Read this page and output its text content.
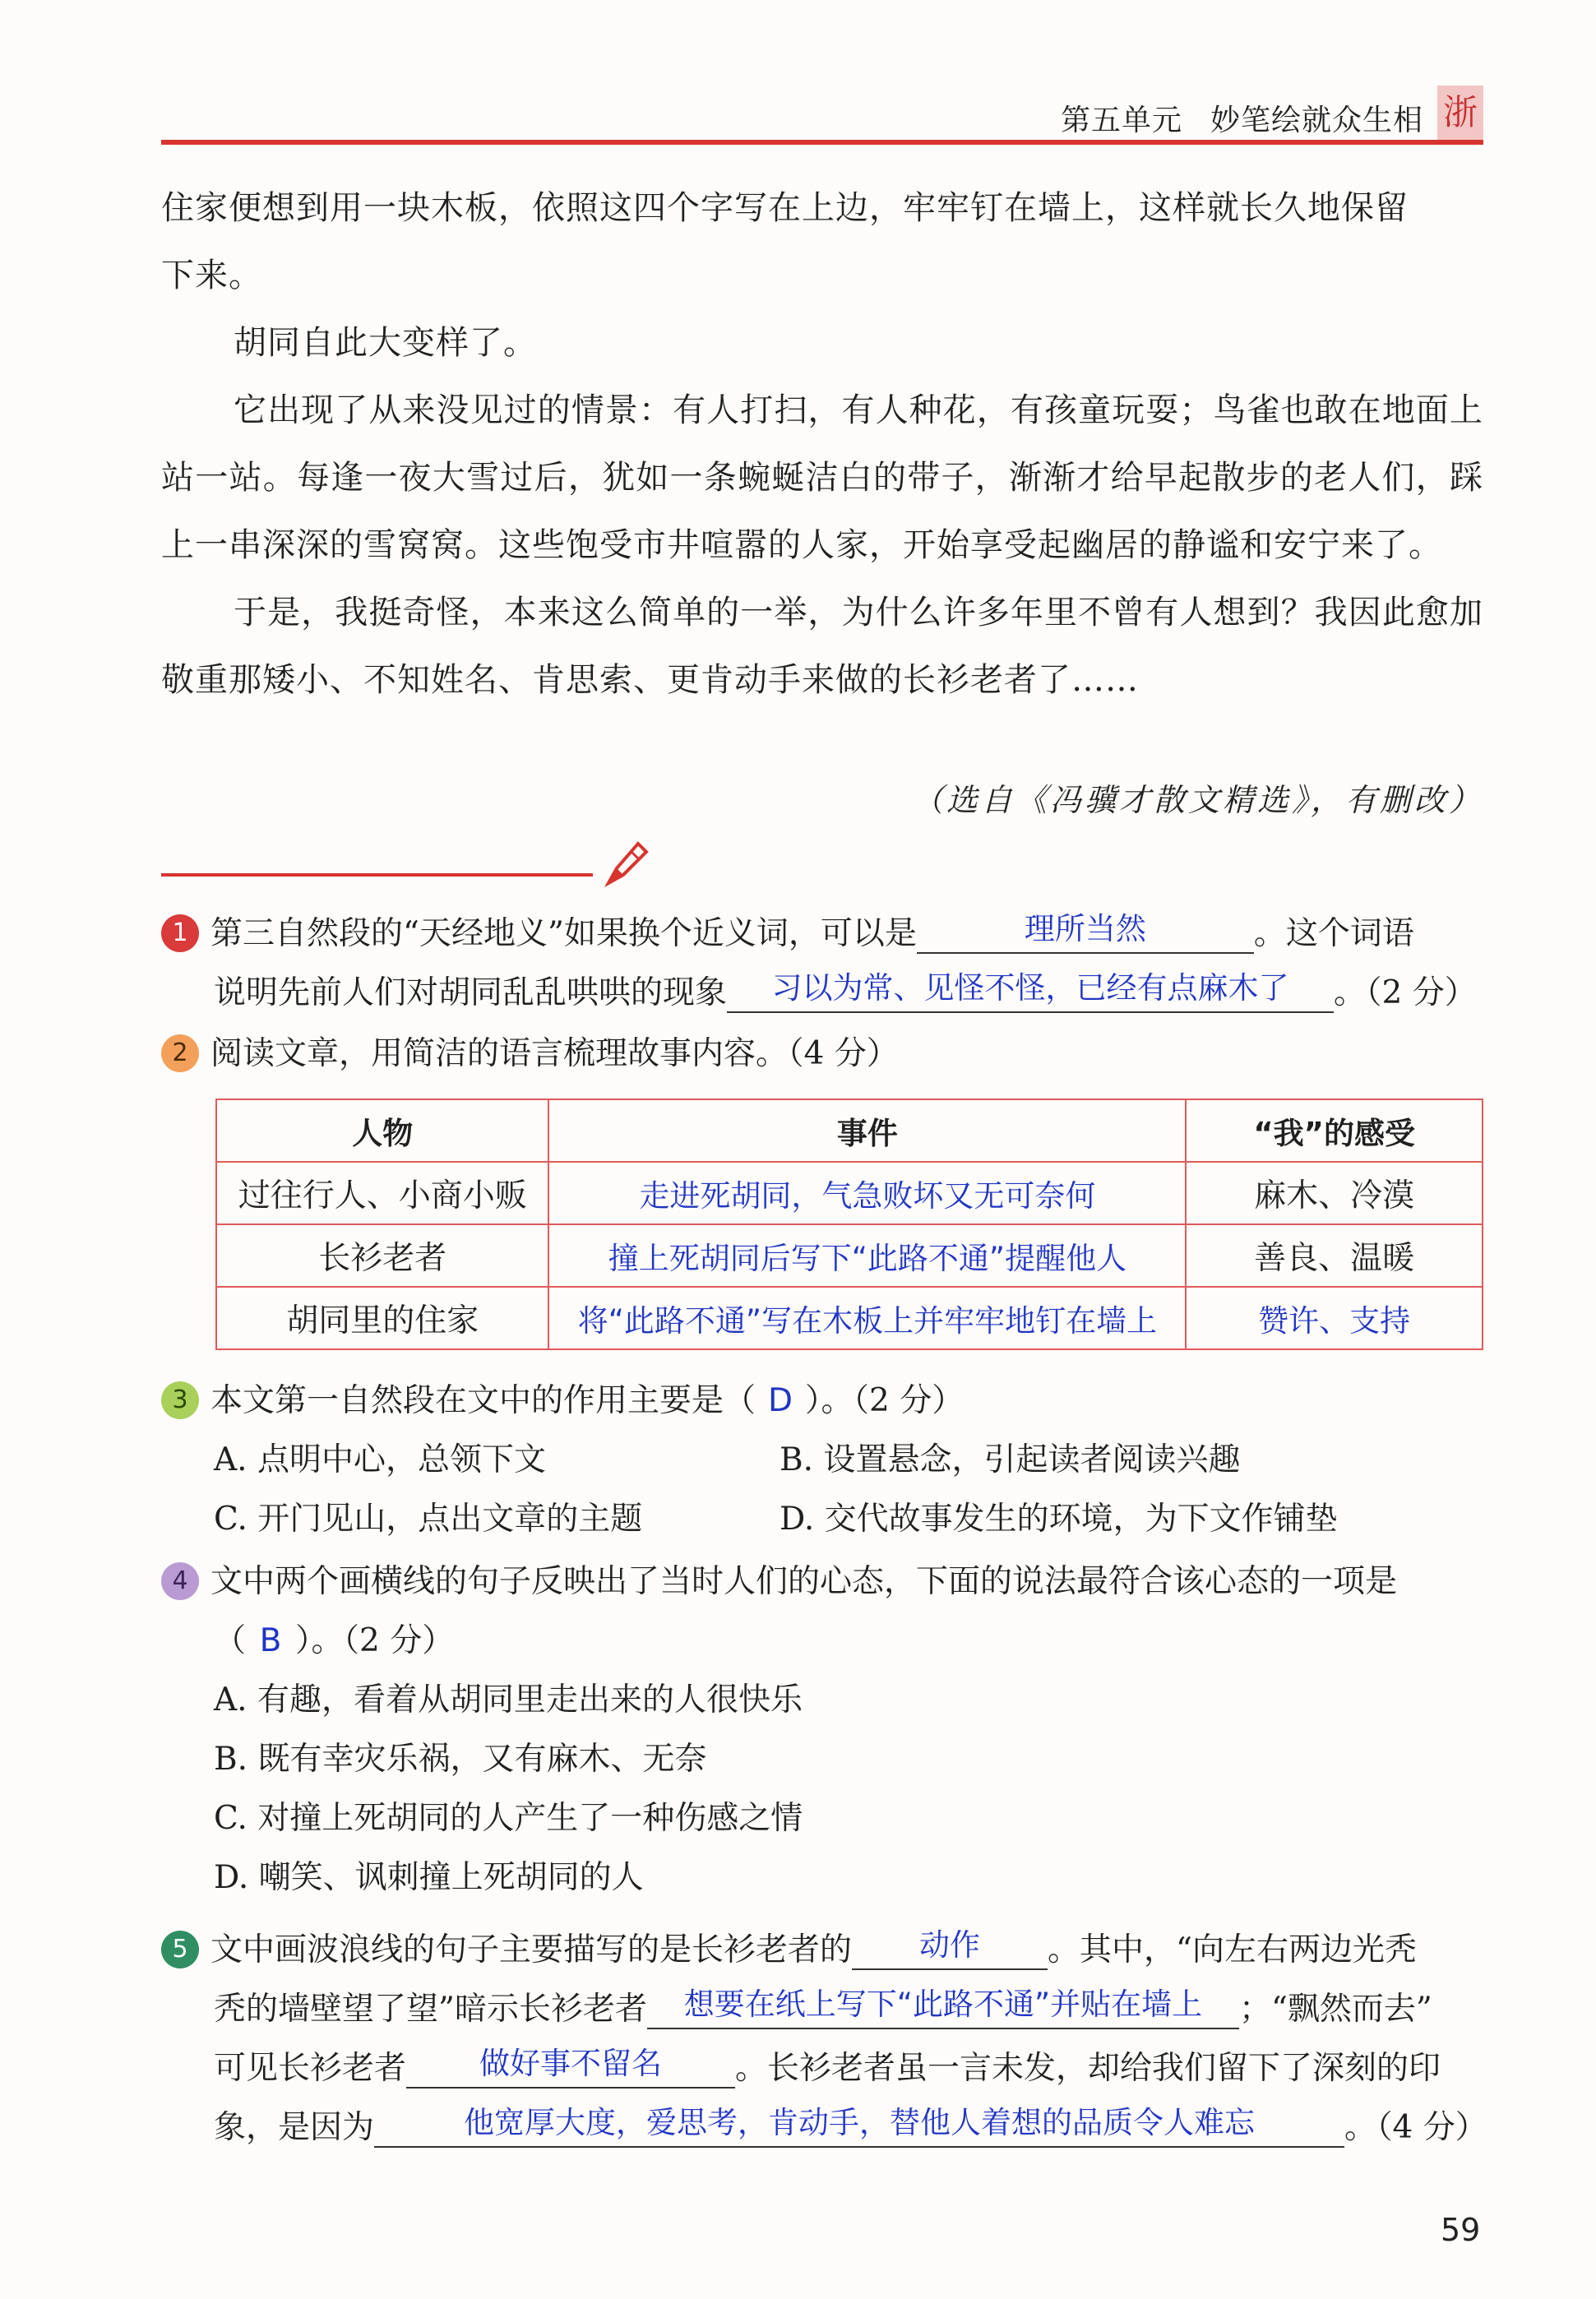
第五单元 妙笔绘就众生相 浙

住家便想到用一块木板，依照这四个字写在上边，牢牢钉在墙上，这样就长久地保留

下来。

胡同自此大变样了。

它出现了从来没见过的情景：有人打扫，有人种花，有孩童玩耍；鸟雀也敢在地面上站一站。每逢一夜大雪过后，犹如一条蜿蜒洁白的带子，渐渐才给早起散步的老人们，踩上一串深深的雪窝窝。这些饱受市井喧嚣的人家，开始享受起幽居的静谧和安宁来了。

于是，我挺奇怪，本来这么简单的一举，为什么许多年里不曾有人想到？我因此愈加敬重那矮小、不知姓名、肯思索、更肯动手来做的长衫老者了……

（选自《冯骥才散文精选》，有删改）
1 第三自然段的“天经地义”如果换个近义词，可以是	理所当然	。这个词语
说明先前人们对胡同乱乱哄哄的现象 习以为常、见怪不怪，已经有点麻木了 。（2 分）
2 阅读文章，用简洁的语言梳理故事内容。（4 分）
人物	事件	“我”的感受
过往行人、小商小贩	走进死胡同，气急败坏又无可奈何	麻木、冷漠
长衫老者	撞上死胡同后写下“此路不通”提醒他人	善良、温暖
胡同里的住家	将“此路不通”写在木板上并牢牢地钉在墙上	赞许、支持
3 本文第一自然段在文中的作用主要是（ D ）。（2 分）
A. 点明中心，总领下文	B. 设置悬念，引起读者阅读兴趣
C. 开门见山，点出文章的主题	D. 交代故事发生的环境，为下文作铺垫
4 文中两个画横线的句子反映出了当时人们的心态，下面的说法最符合该心态的一项是
（ B ）。（2 分）
A. 有趣，看着从胡同里走出来的人很快乐
B. 既有幸灾乐祸，又有麻木、无奈
C. 对撞上死胡同的人产生了一种伤感之情
D. 嘲笑、讽刺撞上死胡同的人
5 文中画波浪线的句子主要描写的是长衫老者的 动作 。其中，“向左右两边光秃
秃的墙壁望了望”暗示长衫老者 想要在纸上写下“此路不通”并贴在墙上 ；“飘然而去”
可见长衫老者 做好事不留名 。长衫老者虽一言未发，却给我们留下了深刻的印
象，是因为	他宽厚大度，爱思考，肯动手，替他人着想的品质令人难忘	。（4 分）
59
